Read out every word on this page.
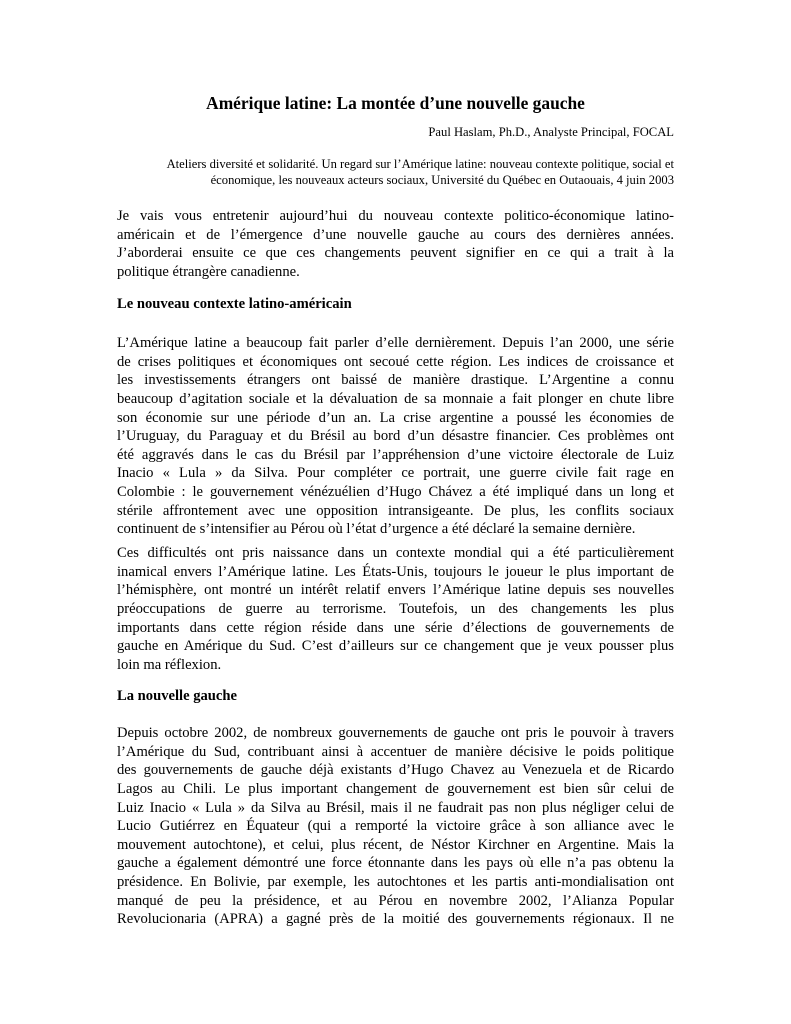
Amérique latine: La montée d’une nouvelle gauche

Paul Haslam, Ph.D., Analyste Principal, FOCAL

Ateliers diversité et solidarité. Un regard sur l’Amérique latine: nouveau contexte politique, social et
économique, les nouveaux acteurs sociaux, Université du Québec en Outaouais, 4 juin 2003

Je vais vous entretenir aujourd’hui du nouveau contexte politico-économique latino-
américain et de l’émergence d’une nouvelle gauche au cours des dernières années.
J’aborderai ensuite ce que ces changements peuvent signifier en ce qui a trait à la
politique étrangère canadienne.

Le nouveau contexte latino-américain

L’Amérique latine a beaucoup fait parler d’elle dernièrement. Depuis l’an 2000, une série
de crises politiques et économiques ont secoué cette région. Les indices de croissance et
les investissements étrangers ont baissé de manière drastique. L’Argentine a connu
beaucoup d’agitation sociale et la dévaluation de sa monnaie a fait plonger en chute libre
son économie sur une période d’un an. La crise argentine a poussé les économies de
l’Uruguay, du Paraguay et du Brésil au bord d’un désastre financier. Ces problèmes ont
été aggravés dans le cas du Brésil par l’appréhension d’une victoire électorale de Luiz
Inacio « Lula » da Silva. Pour compléter ce portrait, une guerre civile fait rage en
Colombie : le gouvernement vénézuélien d’Hugo Chávez a été impliqué dans un long et
stérile affrontement avec une opposition intransigeante. De plus, les conflits sociaux
continuent de s’intensifier au Pérou où l’état d’urgence a été déclaré la semaine dernière.

Ces difficultés ont pris naissance dans un contexte mondial qui a été particulièrement
inamical envers l’Amérique latine. Les États-Unis, toujours le joueur le plus important de
l’hémisphère, ont montré un intérêt relatif envers l’Amérique latine depuis ses nouvelles
préoccupations de guerre au terrorisme. Toutefois, un des changements les plus
importants dans cette région réside dans une série d’élections de gouvernements de
gauche en Amérique du Sud. C’est d’ailleurs sur ce changement que je veux pousser plus
loin ma réflexion.

La nouvelle gauche

Depuis octobre 2002, de nombreux gouvernements de gauche ont pris le pouvoir à travers
l’Amérique du Sud, contribuant ainsi à accentuer de manière décisive le poids politique
des gouvernements de gauche déjà existants d’Hugo Chavez au Venezuela et de Ricardo
Lagos au Chili. Le plus important changement de gouvernement est bien sûr celui de
Luiz Inacio « Lula » da Silva au Brésil, mais il ne faudrait pas non plus négliger celui de
Lucio Gutiérrez en Équateur (qui a remporté la victoire grâce à son alliance avec le
mouvement autochtone), et celui, plus récent, de Néstor Kirchner en Argentine. Mais la
gauche a également démontré une force étonnante dans les pays où elle n’a pas obtenu la
présidence. En Bolivie, par exemple, les autochtones et les partis anti-mondialisation ont
manqué de peu la présidence, et au Pérou en novembre 2002, l’Alianza Popular
Revolucionaria (APRA) a gagné près de la moitié des gouvernements régionaux. Il ne
